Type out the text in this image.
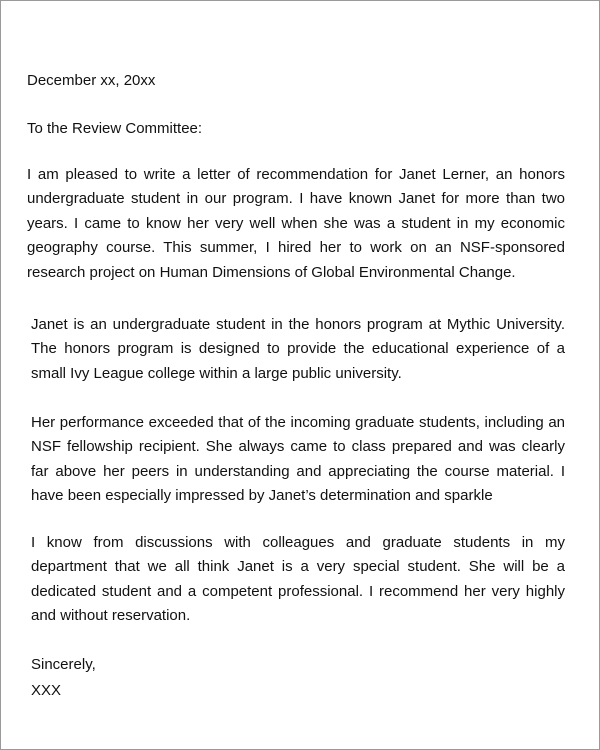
December xx, 20xx
To the Review Committee:
I am pleased to write a letter of recommendation for Janet Lerner, an honors undergraduate student in our program. I have known Janet for more than two years. I came to know her very well when she was a student in my economic geography course. This summer, I hired her to work on an NSF-sponsored research project on Human Dimensions of Global Environmental Change.
Janet is an undergraduate student in the honors program at Mythic University. The honors program is designed to provide the educational experience of a small Ivy League college within a large public university.
Her performance exceeded that of the incoming graduate students, including an NSF fellowship recipient. She always came to class prepared and was clearly far above her peers in understanding and appreciating the course material. I have been especially impressed by Janet’s determination and sparkle
I know from discussions with colleagues and graduate students in my department that we all think Janet is a very special student. She will be a dedicated student and a competent professional. I recommend her very highly and without reservation.
Sincerely,
XXX
